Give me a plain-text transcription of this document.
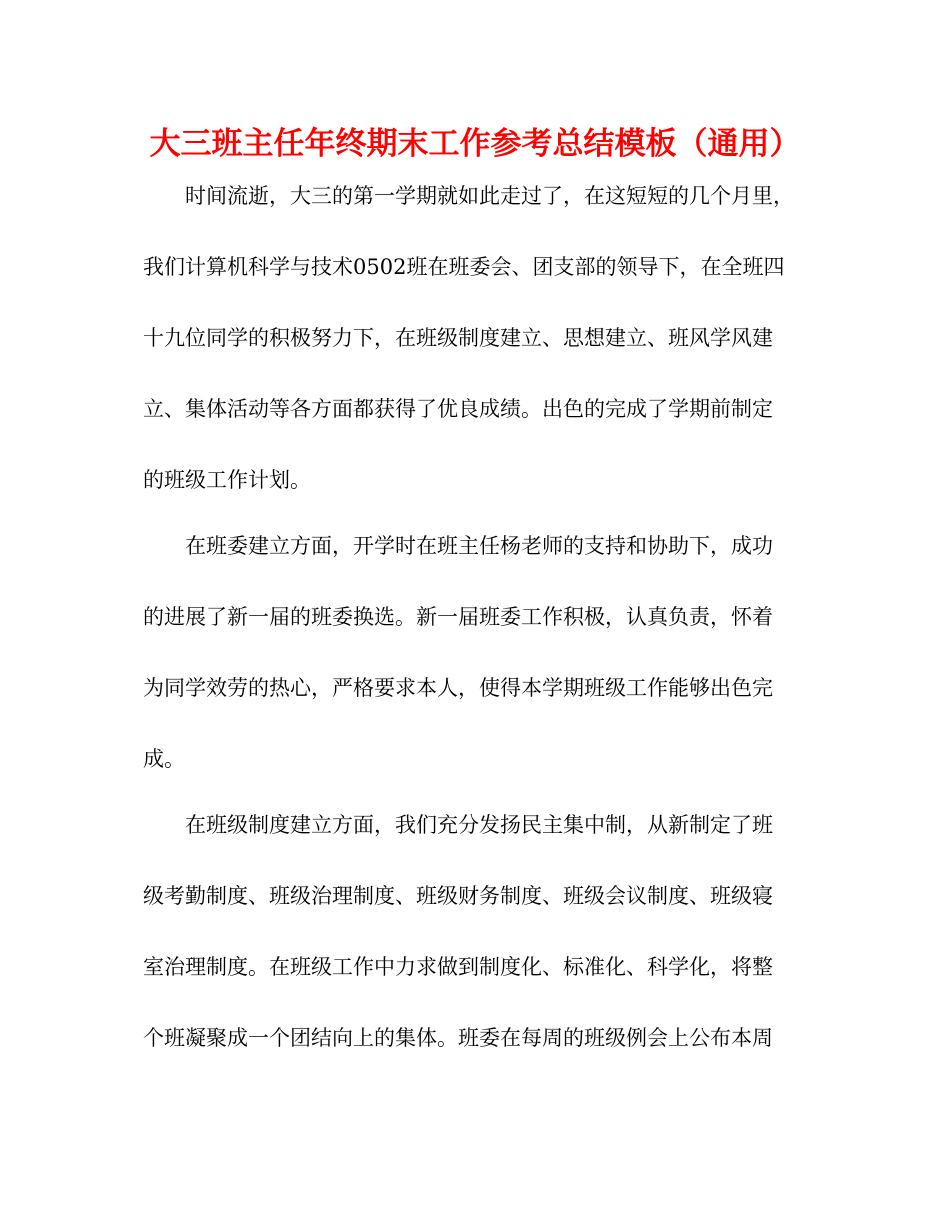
大三班主任年终期末工作参考总结模板（通用）
时间流逝，大三的第一学期就如此走过了，在这短短的几个月里，
我们计算机科学与技术0502班在班委会、团支部的领导下，在全班四
十九位同学的积极努力下，在班级制度建立、思想建立、班风学风建
立、集体活动等各方面都获得了优良成绩。出色的完成了学期前制定
的班级工作计划。
在班委建立方面，开学时在班主任杨老师的支持和协助下，成功
的进展了新一届的班委换选。新一届班委工作积极，认真负责，怀着
为同学效劳的热心，严格要求本人，使得本学期班级工作能够出色完
成。
在班级制度建立方面，我们充分发扬民主集中制，从新制定了班
级考勤制度、班级治理制度、班级财务制度、班级会议制度、班级寝
室治理制度。在班级工作中力求做到制度化、标准化、科学化，将整
个班凝聚成一个团结向上的集体。班委在每周的班级例会上公布本周
